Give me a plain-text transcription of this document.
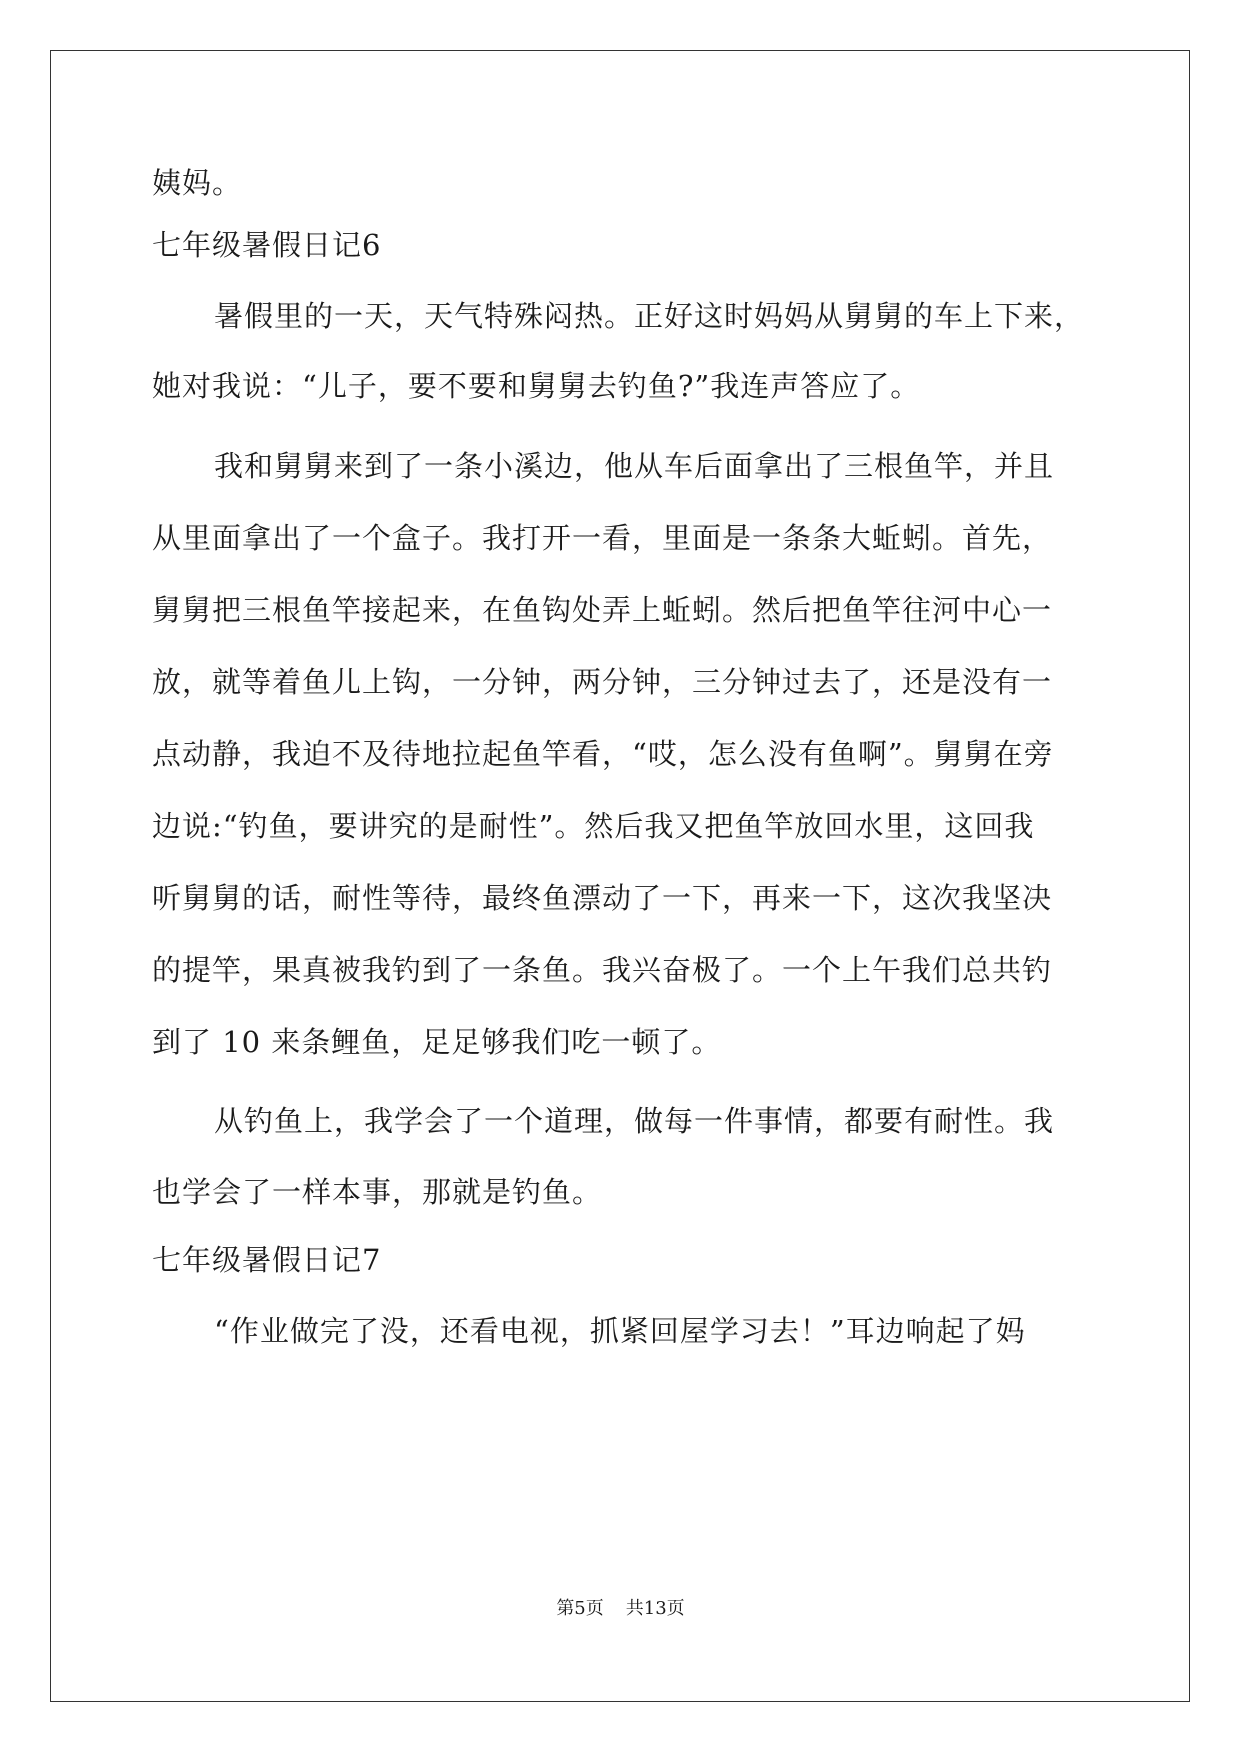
姨妈。
七年级暑假日记6
暑假里的一天，天气特殊闷热。正好这时妈妈从舅舅的车上下来，
她对我说：“儿子，要不要和舅舅去钓鱼?”我连声答应了。
我和舅舅来到了一条小溪边，他从车后面拿出了三根鱼竿，并且
从里面拿出了一个盒子。我打开一看，里面是一条条大蚯蚓。首先，
舅舅把三根鱼竿接起来，在鱼钩处弄上蚯蚓。然后把鱼竿往河中心一
放，就等着鱼儿上钩，一分钟，两分钟，三分钟过去了，还是没有一
点动静，我迫不及待地拉起鱼竿看，“哎，怎么没有鱼啊”。舅舅在旁
边说:“钓鱼，要讲究的是耐性”。然后我又把鱼竿放回水里，这回我
听舅舅的话，耐性等待，最终鱼漂动了一下，再来一下，这次我坚决
的提竿，果真被我钓到了一条鱼。我兴奋极了。一个上午我们总共钓
到了 10 来条鲤鱼，足足够我们吃一顿了。
从钓鱼上，我学会了一个道理，做每一件事情，都要有耐性。我
也学会了一样本事，那就是钓鱼。
七年级暑假日记7
“作业做完了没，还看电视，抓紧回屋学习去！”耳边响起了妈
第5页 共13页
